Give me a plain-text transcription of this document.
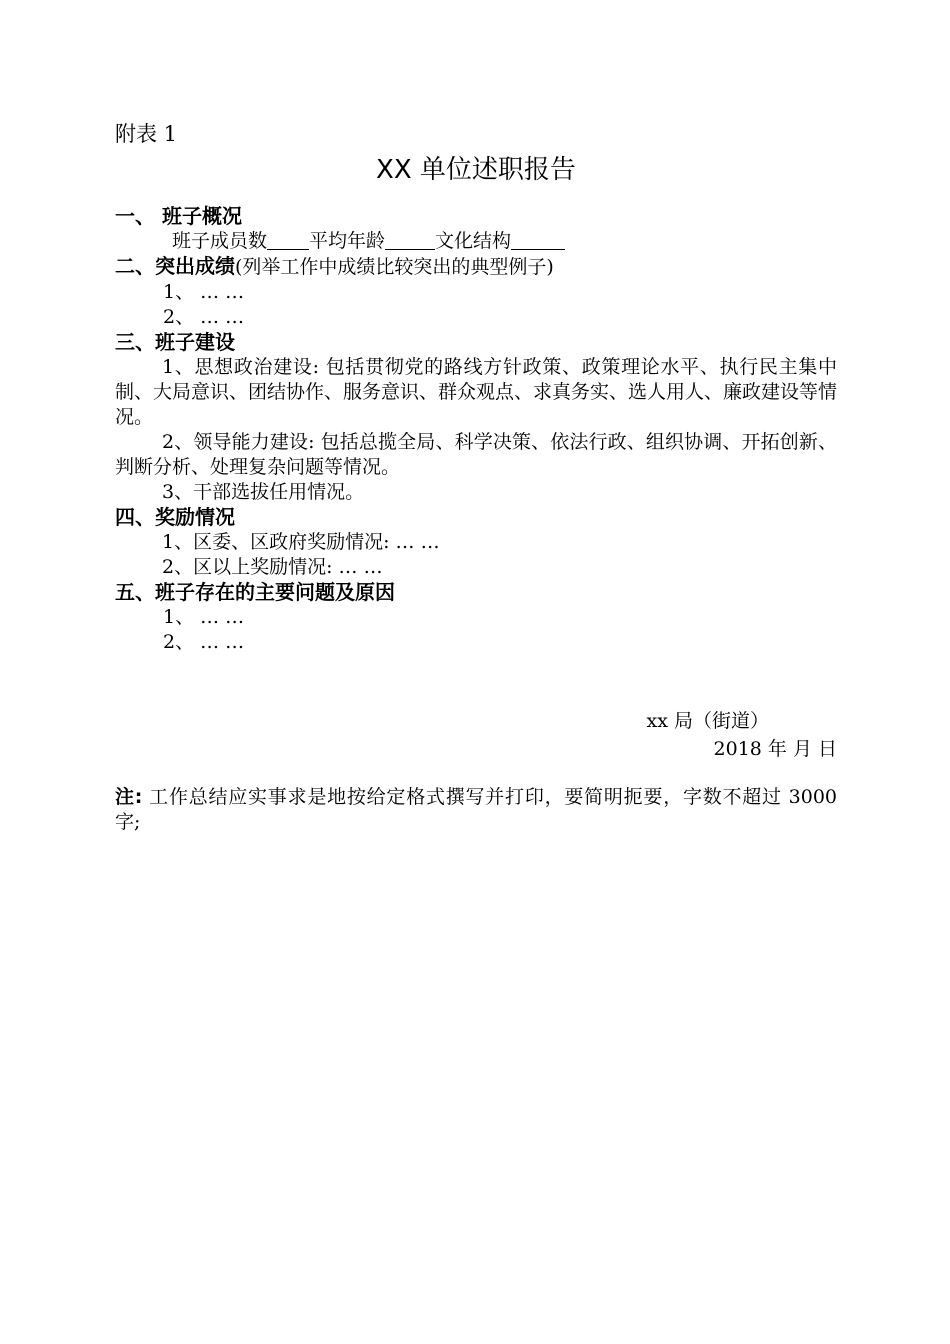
附表 1
XX 单位述职报告
一、 班子概况
班子成员数 平均年龄	文化结构
二、突出成绩(列举工作中成绩比较突出的典型例子)
1、 … …
2、 … …
三、班子建设
1、思想政治建设: 包括贯彻党的路线方针政策、政策理论水平、执行民主集中制、大局意识、团结协作、服务意识、群众观点、求真务实、选人用人、廉政建设等情况。
2、领导能力建设: 包括总揽全局、科学决策、依法行政、组织协调、开拓创新、判断分析、处理复杂问题等情况。
3、干部选拔任用情况。
四、奖励情况
1、区委、区政府奖励情况: … …
2、区以上奖励情况: … …
五、班子存在的主要问题及原因
1、 … …
2、 … …
xx 局（街道）
2018 年 月 日
注: 工作总结应实事求是地按给定格式撰写并打印，要简明扼要，字数不超过 3000 字;
